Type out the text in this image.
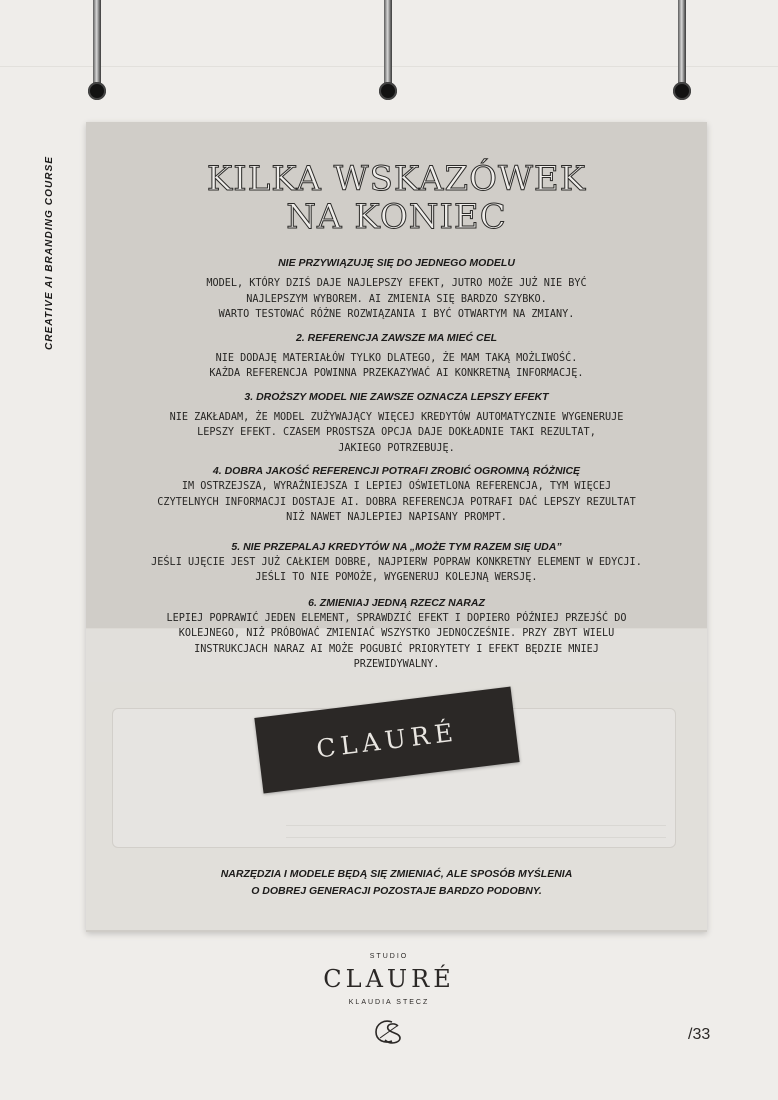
CREATIVE AI BRANDING COURSE	KILKA WSKAZÓWEK
NA KONIEC
NIE PRZYWIĄZUJĘ SIĘ DO JEDNEGO MODELU
MODEL, KTÓRY DZIŚ DAJE NAJLEPSZY EFEKT, JUTRO MOŻE JUŻ NIE BYĆ
NAJLEPSZYM WYBOREM. AI ZMIENIA SIĘ BARDZO SZYBKO.
WARTO TESTOWAĆ RÓŻNE ROZWIĄZANIA I BYĆ OTWARTYM NA ZMIANY.
2. REFERENCJA ZAWSZE MA MIEĆ CEL
NIE DODAJĘ MATERIAŁÓW TYLKO DLATEGO, ŻE MAM TAKĄ MOŻLIWOŚĆ.
KAŻDA REFERENCJA POWINNA PRZEKAZYWAĆ AI KONKRETNĄ INFORMACJĘ.
3. DROŻSZY MODEL NIE ZAWSZE OZNACZA LEPSZY EFEKT
NIE ZAKŁADAM, ŻE MODEL ZUŻYWAJĄCY WIĘCEJ KREDYTÓW AUTOMATYCZNIE WYGENERUJE
LEPSZY EFEKT. CZASEM PROSTSZA OPCJA DAJE DOKŁADNIE TAKI REZULTAT,
JAKIEGO POTRZEBUJĘ.
4. DOBRA JAKOŚĆ REFERENCJI POTRAFI ZROBIĆ OGROMNĄ RÓŻNICĘ
IM OSTRZEJSZA, WYRAŹNIEJSZA I LEPIEJ OŚWIETLONA REFERENCJA, TYM WIĘCEJ
CZYTELNYCH INFORMACJI DOSTAJE AI. DOBRA REFERENCJA POTRAFI DAĆ LEPSZY REZULTAT
NIŻ NAWET NAJLEPIEJ NAPISANY PROMPT.
5. NIE PRZEPALAJ KREDYTÓW NA „MOŻE TYM RAZEM SIĘ UDA”
JEŚLI UJĘCIE JEST JUŻ CAŁKIEM DOBRE, NAJPIERW POPRAW KONKRETNY ELEMENT W EDYCJI.
JEŚLI TO NIE POMOŻE, WYGENERUJ KOLEJNĄ WERSJĘ.
6. ZMIENIAJ JEDNĄ RZECZ NARAZ
LEPIEJ POPRAWIĆ JEDEN ELEMENT, SPRAWDZIĆ EFEKT I DOPIERO PÓŹNIEJ PRZEJŚĆ DO
KOLEJNEGO, NIŻ PRÓBOWAĆ ZMIENIAĆ WSZYSTKO JEDNOCZEŚNIE. PRZY ZBYT WIELU
INSTRUKCJACH NARAZ AI MOŻE POGUBIĆ PRIORYTETY I EFEKT BĘDZIE MNIEJ
PRZEWIDYWALNY.
CLAURÉ
NARZĘDZIA I MODELE BĘDĄ SIĘ ZMIENIAĆ, ALE SPOSÓB MYŚLENIA
O DOBREJ GENERACJI POZOSTAJE BARDZO PODOBNY.
STUDIO
CLAURÉ
KLAUDIA STECZ
/33
